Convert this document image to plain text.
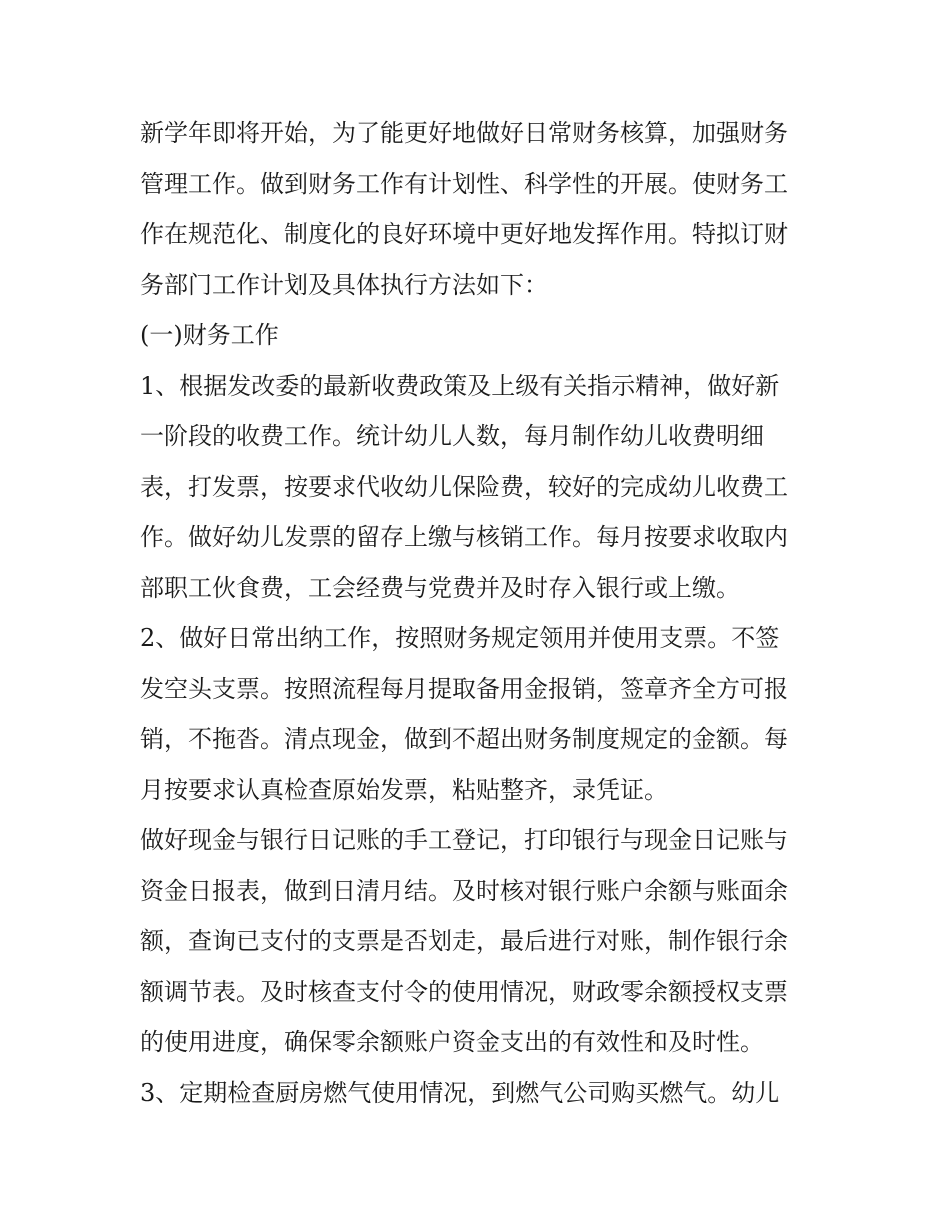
新学年即将开始，为了能更好地做好日常财务核算，加强财务
管理工作。做到财务工作有计划性、科学性的开展。使财务工
作在规范化、制度化的良好环境中更好地发挥作用。特拟订财
务部门工作计划及具体执行方法如下：
(一)财务工作
1、根据发改委的最新收费政策及上级有关指示精神，做好新
一阶段的收费工作。统计幼儿人数，每月制作幼儿收费明细
表，打发票，按要求代收幼儿保险费，较好的完成幼儿收费工
作。做好幼儿发票的留存上缴与核销工作。每月按要求收取内
部职工伙食费，工会经费与党费并及时存入银行或上缴。
2、做好日常出纳工作，按照财务规定领用并使用支票。不签
发空头支票。按照流程每月提取备用金报销，签章齐全方可报
销，不拖沓。清点现金，做到不超出财务制度规定的金额。每
月按要求认真检查原始发票，粘贴整齐，录凭证。
做好现金与银行日记账的手工登记，打印银行与现金日记账与
资金日报表，做到日清月结。及时核对银行账户余额与账面余
额，查询已支付的支票是否划走，最后进行对账，制作银行余
额调节表。及时核查支付令的使用情况，财政零余额授权支票
的使用进度，确保零余额账户资金支出的有效性和及时性。
3、定期检查厨房燃气使用情况，到燃气公司购买燃气。幼儿
